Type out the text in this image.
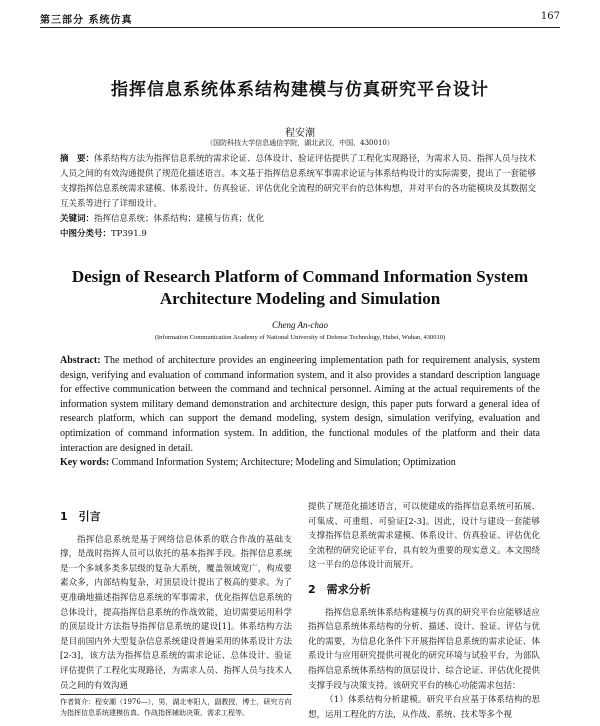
第三部分 系统仿真	167
指挥信息系统体系结构建模与仿真研究平台设计
程安潮
（国防科技大学信息通信学院，湖北武汉，中国，430010）
摘　要：体系结构方法为指挥信息系统的需求论证、总体设计、验证评估提供了工程化实现路径，为需求人员、指挥人员与技术人员之间的有效沟通提供了规范化描述语言。本文基于指挥信息系统军事需求论证与体系结构设计的实际需要，提出了一套能够支撑指挥信息系统需求建模、体系设计、仿真验证、评估优化全流程的研究平台的总体构想，并对平台的各功能模块及其数据交互关系等进行了详细设计。
关键词：指挥信息系统；体系结构；建模与仿真；优化
中图分类号：TP391.9
Design of Research Platform of Command Information System
Architecture Modeling and Simulation
Cheng An-chao
(Information Communication Academy of National University of Defense Technology, Hubei, Wuhan, 430010)
Abstract: The method of architecture provides an engineering implementation path for requirement analysis, system design, verifying and evaluation of command information system, and it also provides a standard description language for effective communication between the command and technical personnel. Aiming at the actual requirements of the information system military demand demonstration and architecture design, this paper puts forward a general idea of research platform, which can support the demand modeling, system design, simulation verifying, evaluation and optimization of command information system. In addition, the functional modules of the platform and their data interaction are designed in detail.
Key words: Command Information System; Architecture; Modeling and Simulation; Optimization
1　引言

指挥信息系统是基于网络信息体系的联合作战的基础支撑，是战时指挥人员可以依托的基本指挥手段。指挥信息系统是一个多域多类多层级的复杂大系统，覆盖领域宽广，构成要素众多，内部结构复杂，对顶层设计提出了极高的要求。为了更准确地描述指挥信息系统的军事需求，优化指挥信息系统的总体设计，提高指挥信息系统的作战效能，迫切需要运用科学的顶层设计方法指导指挥信息系统的建设[1]。体系结构方法是目前国内外大型复杂信息系统建设普遍采用的体系设计方法[2-3]，该方法为指挥信息系统的需求论证、总体设计、验证评估提供了工程化实现路径，为需求人员、指挥人员与技术人员之间的有效沟通

提供了规范化描述语言，可以使建成的指挥信息系统可拓展、可集成、可重组、可验证[2-3]。因此，设计与建设一套能够支撑指挥信息系统需求建模、体系设计、仿真验证、评估优化全流程的研究论证平台，具有较为重要的现实意义。本文围绕这一平台的总体设计而展开。

2　需求分析

指挥信息系统体系结构建模与仿真的研究平台应能够适应指挥信息系统体系结构的分析、描述、设计、验证、评估与优化的需要，为信息化条件下开展指挥信息系统的需求论证、体系设计与应用研究提供可视化的研究环境与试验平台，为部队指挥信息系统体系结构的顶层设计、综合论证、评估优化提供支撑手段与决策支持。该研究平台的核心功能需求包括：

（1）体系结构分析建模。研究平台应基于体系结构的思想，运用工程化的方法，从作战、系统、技术等多个视

作者简介：程安潮（1976—），男，湖北枣阳人，副教授，博士，研究方向为指挥信息系统建模仿真、作战指挥辅助决策、需求工程等。
